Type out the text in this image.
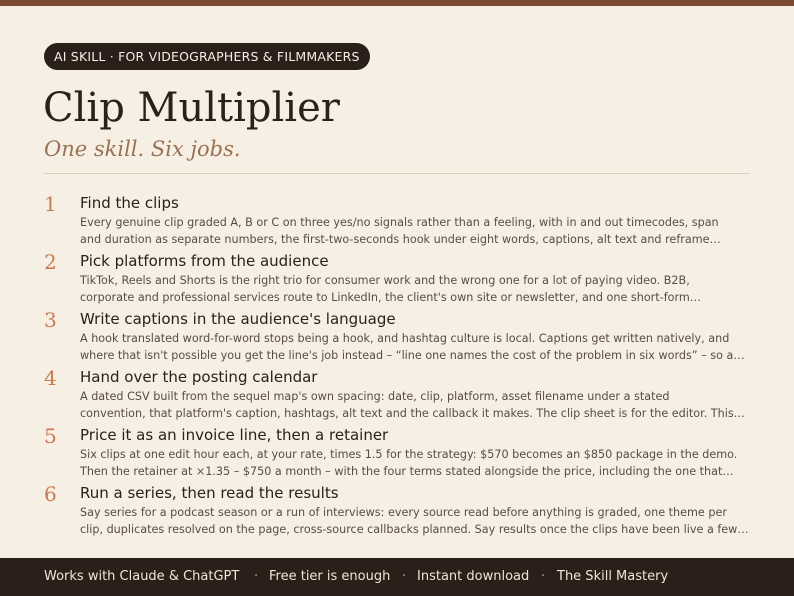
AI SKILL · FOR VIDEOGRAPHERS & FILMMAKERS
Clip Multiplier
One skill. Six jobs.
1	Find the clips
Every genuine clip graded A, B or C on three yes/no signals rather than a feeling, with in and out timecodes, span
and duration as separate numbers, the first-two-seconds hook under eight words, captions, alt text and reframe…
2	Pick platforms from the audience
TikTok, Reels and Shorts is the right trio for consumer work and the wrong one for a lot of paying video. B2B,
corporate and professional services route to LinkedIn, the client's own site or newsletter, and one short-form…
3	Write captions in the audience's language
A hook translated word-for-word stops being a hook, and hashtag culture is local. Captions get written natively, and
where that isn't possible you get the line's job instead – “line one names the cost of the problem in six words” – so a…
4	Hand over the posting calendar
A dated CSV built from the sequel map's own spacing: date, clip, platform, asset filename under a stated
convention, that platform's caption, hashtags, alt text and the callback it makes. The clip sheet is for the editor. This…
5	Price it as an invoice line, then a retainer
Six clips at one edit hour each, at your rate, times 1.5 for the strategy: $570 becomes an $850 package in the demo.
Then the retainer at ×1.35 – $750 a month – with the four terms stated alongside the price, including the one that…
6	Run a series, then read the results
Say series for a podcast season or a run of interviews: every source read before anything is graded, one theme per
clip, duplicates resolved on the page, cross-source callbacks planned. Say results once the clips have been live a few…
Works with Claude & ChatGPT · Free tier is enough · Instant download · The Skill Mastery
